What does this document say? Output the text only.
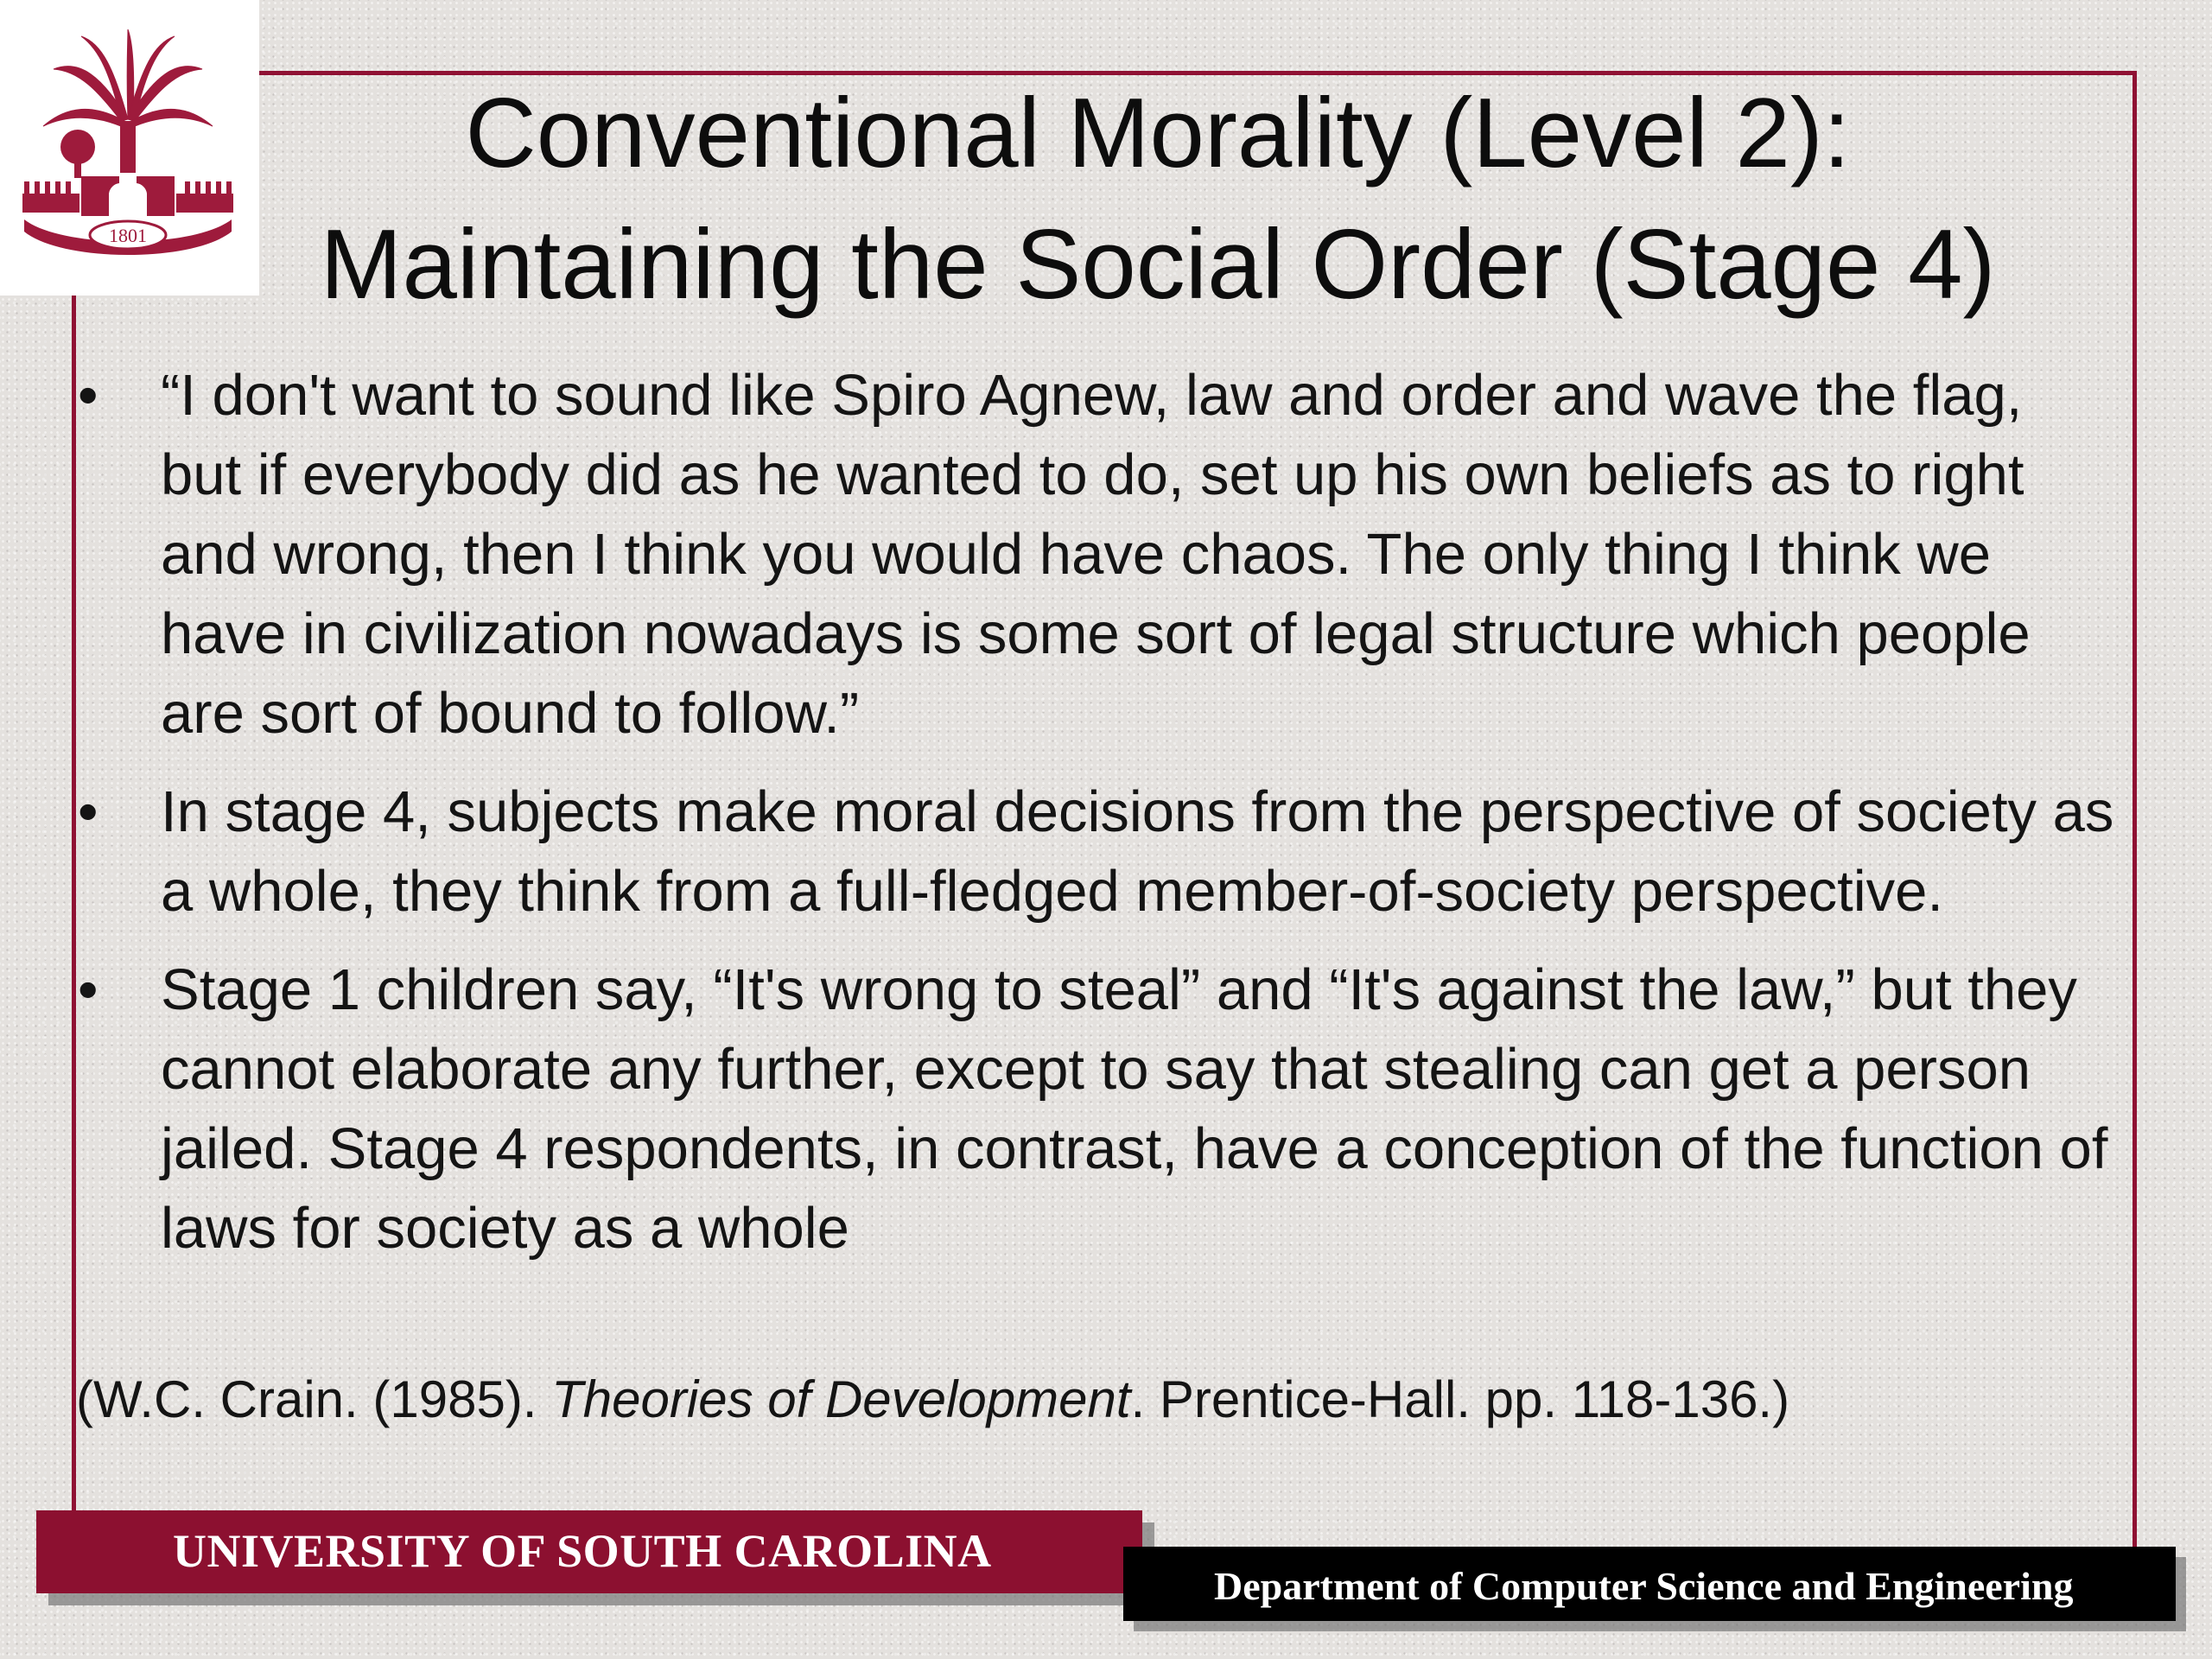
1801
Conventional Morality (Level 2):
Maintaining the Social Order (Stage 4)
• “I don't want to sound like Spiro Agnew, law and order and wave the flag, but if everybody did as he wanted to do, set up his own beliefs as to right and wrong, then I think you would have chaos. The only thing I think we have in civilization nowadays is some sort of legal structure which people are sort of bound to follow.”
• In stage 4, subjects make moral decisions from the perspective of society as a whole, they think from a full-fledged member-of-society perspective.
• Stage 1 children say, “It's wrong to steal” and “It's against the law,” but they cannot elaborate any further, except to say that stealing can get a person jailed. Stage 4 respondents, in contrast, have a conception of the function of laws for society as a whole
(W.C. Crain. (1985). Theories of Development. Prentice-Hall. pp. 118-136.)
UNIVERSITY OF SOUTH CAROLINA
Department of Computer Science and Engineering
